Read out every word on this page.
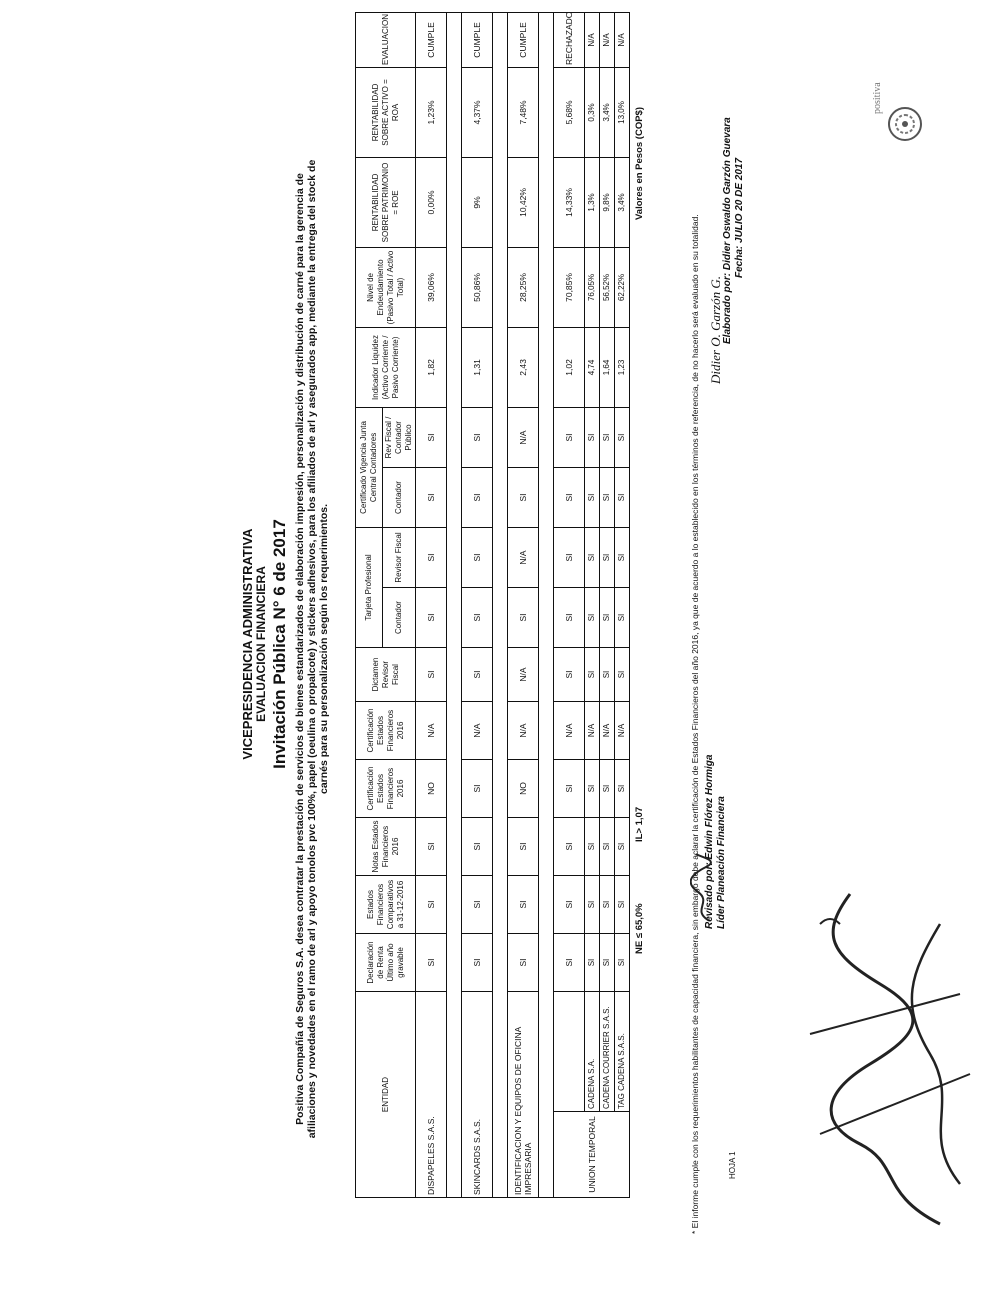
positiva
VICEPRESIDENCIA ADMINISTRATIVA EVALUACION FINANCIERA Invitación Pública N° 6 de 2017 Positiva Compañía de Seguros S.A. desea contratar la prestación de servicios de bienes estandarizados de elaboración impresión, personalización y distribución de carné para la gerencia de afiliaciones y novedades en el ramo de arl y apoyo tonolos pvc 100%, papel (oeulina o propalcote) y stickers adhesivos, para los afiliados de arl y asegurados app, mediante la entrega del stock de carnés para su personalización según los requerimientos.
Valores en Pesos (COP$)
IL> 1,07
NE ≤ 65,0%
ENTIDAD		Declaración de Renta Último año gravable	Estados Financieros Comparativos a 31-12-2016	Notas Estados Financieros 2016	Certificación Estados Financieros 2016	Certificación Estados Financieros 2016	Dictamen Revisor Fiscal	Tarjeta Profesional		Certificado Vigencia Junta Central Contadores		Indicador Liquidez (Activo Corriente / Pasivo Corriente)	Nivel de Endeudamiento (Pasivo Total / Activo Total)	RENTABILIDAD SOBRE PATRIMONIO = ROE	RENTABILIDAD SOBRE ACTIVO = ROA	EVALUACION
								Contador	Revisor Fiscal	Contador	Rev Fiscal / Contador Público					
DISPAPELES S.A.S.		SI	SI	SI	NO	N/A	SI	SI	SI	SI	SI	1,82	39,06%	0,00%	1,23%	CUMPLE

SKINCARDS S.A.S.		SI	SI	SI	SI	N/A	SI	SI	SI	SI	SI	1,31	50,86%	9%	4,37%	CUMPLE

IDENTIFICACION Y EQUIPOS DE OFICINA IMPRESARIA		SI	SI	SI	NO	N/A	N/A	SI	N/A	SI	N/A	2,43	28,25%	10,42%	7,48%	CUMPLE

UNION TEMPORAL		SI	SI	SI	SI	N/A	SI	SI	SI	SI	SI	1,02	70,85%	14,33%	5,68%	RECHAZADO
	CADENA S.A.	SI	SI	SI	SI	N/A	SI	SI	SI	SI	SI	4,74	76,05%	1,3%	0,3%	N/A
	CADENA COURRIER S.A.S.	SI	SI	SI	SI	N/A	SI	SI	SI	SI	SI	1,64	56,52%	9,8%	3,4%	N/A
	TAG CADENA S.A.S.	SI	SI	SI	SI	N/A	SI	SI	SI	SI	SI	1,23	62,22%	3,4%	13,0%	N/A
* El informe cumple con los requerimientos habilitantes de capacidad financiera, sin embargo debe aclarar la certificación de Estados Financieros del año 2016, ya que de acuerdo a lo establecido en los términos de referencia, de no hacerlo será evaluado en su totalidad. Didier O. Garzón G. Elaborado por: Didier Oswaldo Garzón Guevara Fecha: JULIO 20 DE 2017
Revisado por: Edwin Flórez Hormiga Líder Planeación Financiera
HOJA 1
